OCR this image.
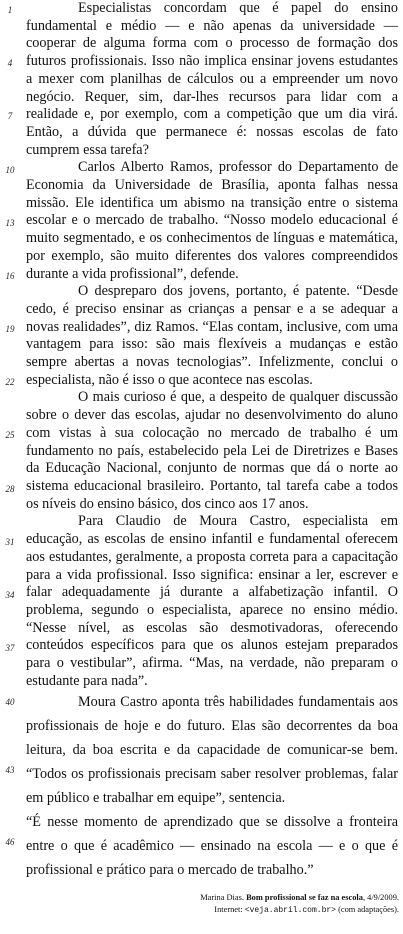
1
4
7
10
13
16
19
22
25
28
31
34
37
40
43
46

Especialistas concordam que é papel do ensino fundamental e médio — e não apenas da universidade — cooperar de alguma forma com o processo de formação dos futuros profissionais. Isso não implica ensinar jovens estudantes a mexer com planilhas de cálculos ou a empreender um novo negócio. Requer, sim, dar-lhes recursos para lidar com a realidade e, por exemplo, com a competição que um dia virá. Então, a dúvida que permanece é: nossas escolas de fato cumprem essa tarefa?

Carlos Alberto Ramos, professor do Departamento de Economia da Universidade de Brasília, aponta falhas nessa missão. Ele identifica um abismo na transição entre o sistema escolar e o mercado de trabalho. “Nosso modelo educacional é muito segmentado, e os conhecimentos de línguas e matemática, por exemplo, são muito diferentes dos valores compreendidos durante a vida profissional”, defende.

O despreparo dos jovens, portanto, é patente. “Desde cedo, é preciso ensinar as crianças a pensar e a se adequar a novas realidades”, diz Ramos. “Elas contam, inclusive, com uma vantagem para isso: são mais flexíveis a mudanças e estão sempre abertas a novas tecnologias”. Infelizmente, conclui o especialista, não é isso o que acontece nas escolas.

O mais curioso é que, a despeito de qualquer discussão sobre o dever das escolas, ajudar no desenvolvimento do aluno com vistas à sua colocação no mercado de trabalho é um fundamento no país, estabelecido pela Lei de Diretrizes e Bases da Educação Nacional, conjunto de normas que dá o norte ao sistema educacional brasileiro. Portanto, tal tarefa cabe a todos os níveis do ensino básico, dos cinco aos 17 anos.

Para Claudio de Moura Castro, especialista em educação, as escolas de ensino infantil e fundamental oferecem aos estudantes, geralmente, a proposta correta para a capacitação para a vida profissional. Isso significa: ensinar a ler, escrever e falar adequadamente já durante a alfabetização infantil. O problema, segundo o especialista, aparece no ensino médio. “Nesse nível, as escolas são desmotivadoras, oferecendo conteúdos específicos para que os alunos estejam preparados para o vestibular”, afirma. “Mas, na verdade, não preparam o estudante para nada”.

Moura Castro aponta três habilidades fundamentais aos profissionais de hoje e do futuro. Elas são decorrentes da boa leitura, da boa escrita e da capacidade de comunicar-se bem. “Todos os profissionais precisam saber resolver problemas, falar em público e trabalhar em equipe”, sentencia.

“É nesse momento de aprendizado que se dissolve a fronteira entre o que é acadêmico — ensinado na escola — e o que é profissional e prático para o mercado de trabalho.”

Marina Dias. Bom profissional se faz na escola, 4/9/2009.
Internet: <veja.abril.com.br> (com adaptações).
